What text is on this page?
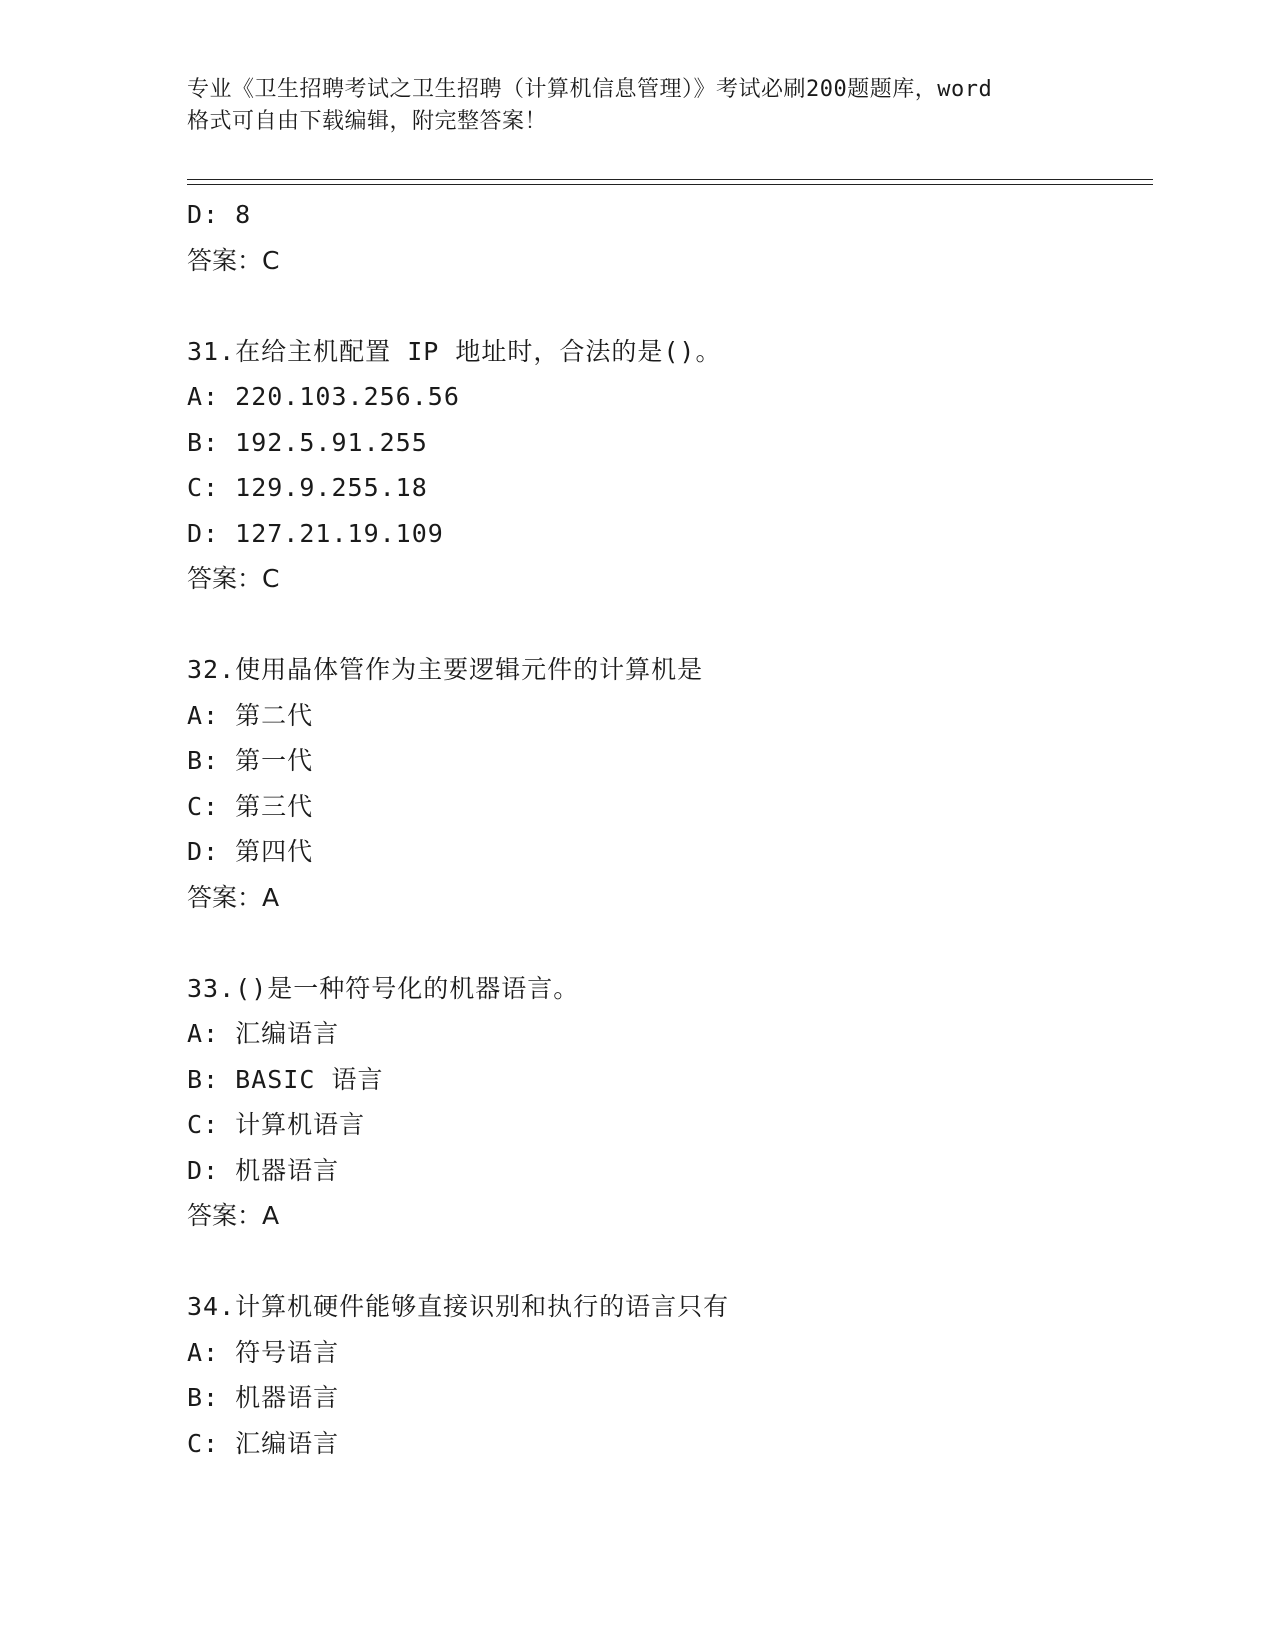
专业《卫生招聘考试之卫生招聘（计算机信息管理）》考试必刷200题题库，word
格式可自由下载编辑，附完整答案！
D: 8
答案：C
31.在给主机配置 IP 地址时，合法的是()。
A: 220.103.256.56
B: 192.5.91.255
C: 129.9.255.18
D: 127.21.19.109
答案：C
32.使用晶体管作为主要逻辑元件的计算机是
A: 第二代
B: 第一代
C: 第三代
D: 第四代
答案：A
33.()是一种符号化的机器语言。
A: 汇编语言
B: BASIC 语言
C: 计算机语言
D: 机器语言
答案：A
34.计算机硬件能够直接识别和执行的语言只有
A: 符号语言
B: 机器语言
C: 汇编语言
